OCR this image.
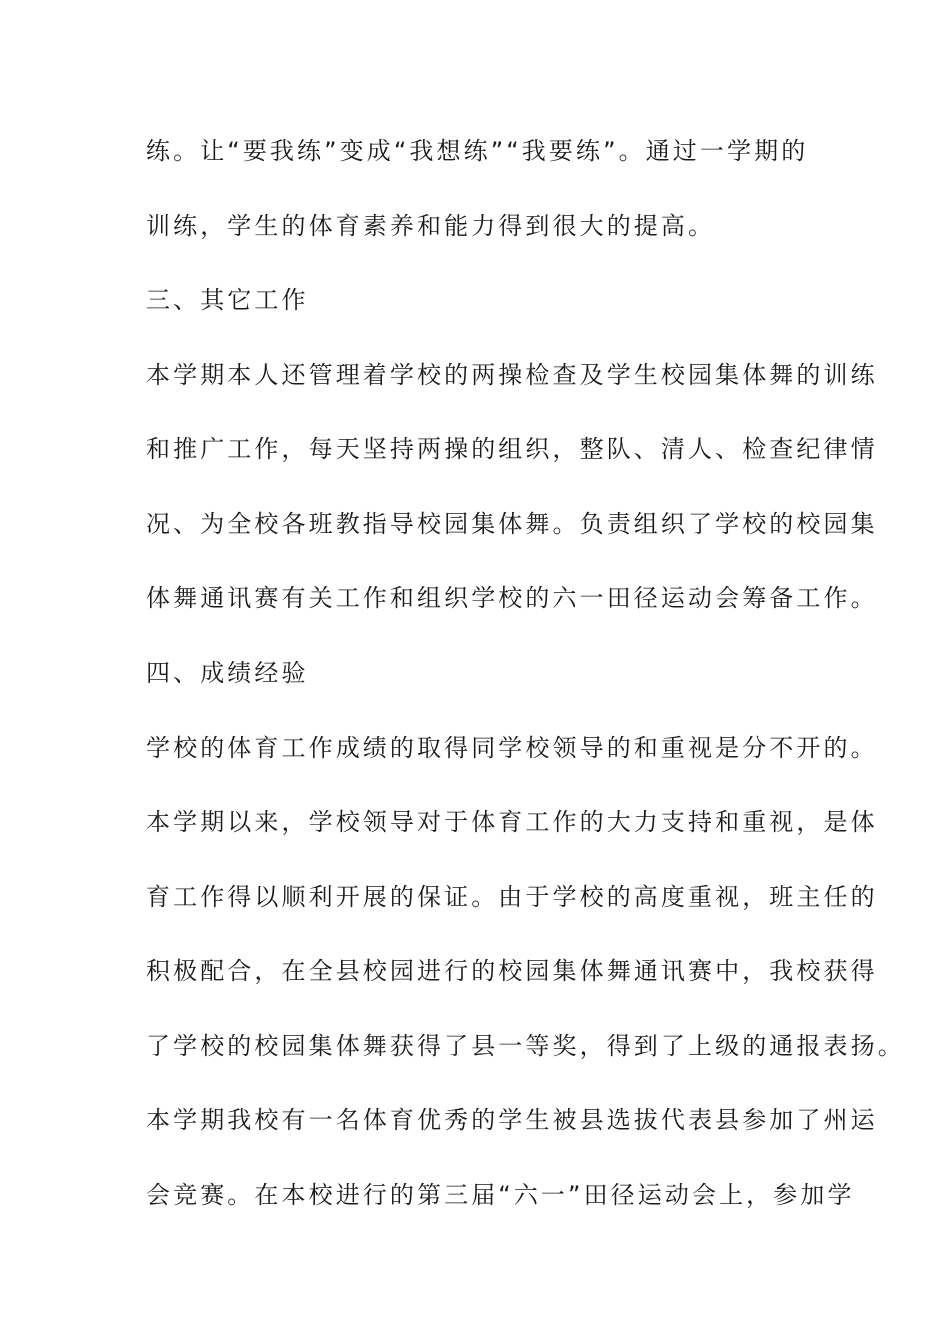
练。让“要我练”变成“我想练”“我要练”。通过一学期的
训练，学生的体育素养和能力得到很大的提高。
三、其它工作
本学期本人还管理着学校的两操检查及学生校园集体舞的训练
和推广工作，每天坚持两操的组织，整队、清人、检查纪律情
况、为全校各班教指导校园集体舞。负责组织了学校的校园集
体舞通讯赛有关工作和组织学校的六一田径运动会筹备工作。
四、成绩经验
学校的体育工作成绩的取得同学校领导的和重视是分不开的。
本学期以来，学校领导对于体育工作的大力支持和重视，是体
育工作得以顺利开展的保证。由于学校的高度重视，班主任的
积极配合，在全县校园进行的校园集体舞通讯赛中，我校获得
了学校的校园集体舞获得了县一等奖，得到了上级的通报表扬。
本学期我校有一名体育优秀的学生被县选拔代表县参加了州运
会竞赛。在本校进行的第三届“六一”田径运动会上，参加学
